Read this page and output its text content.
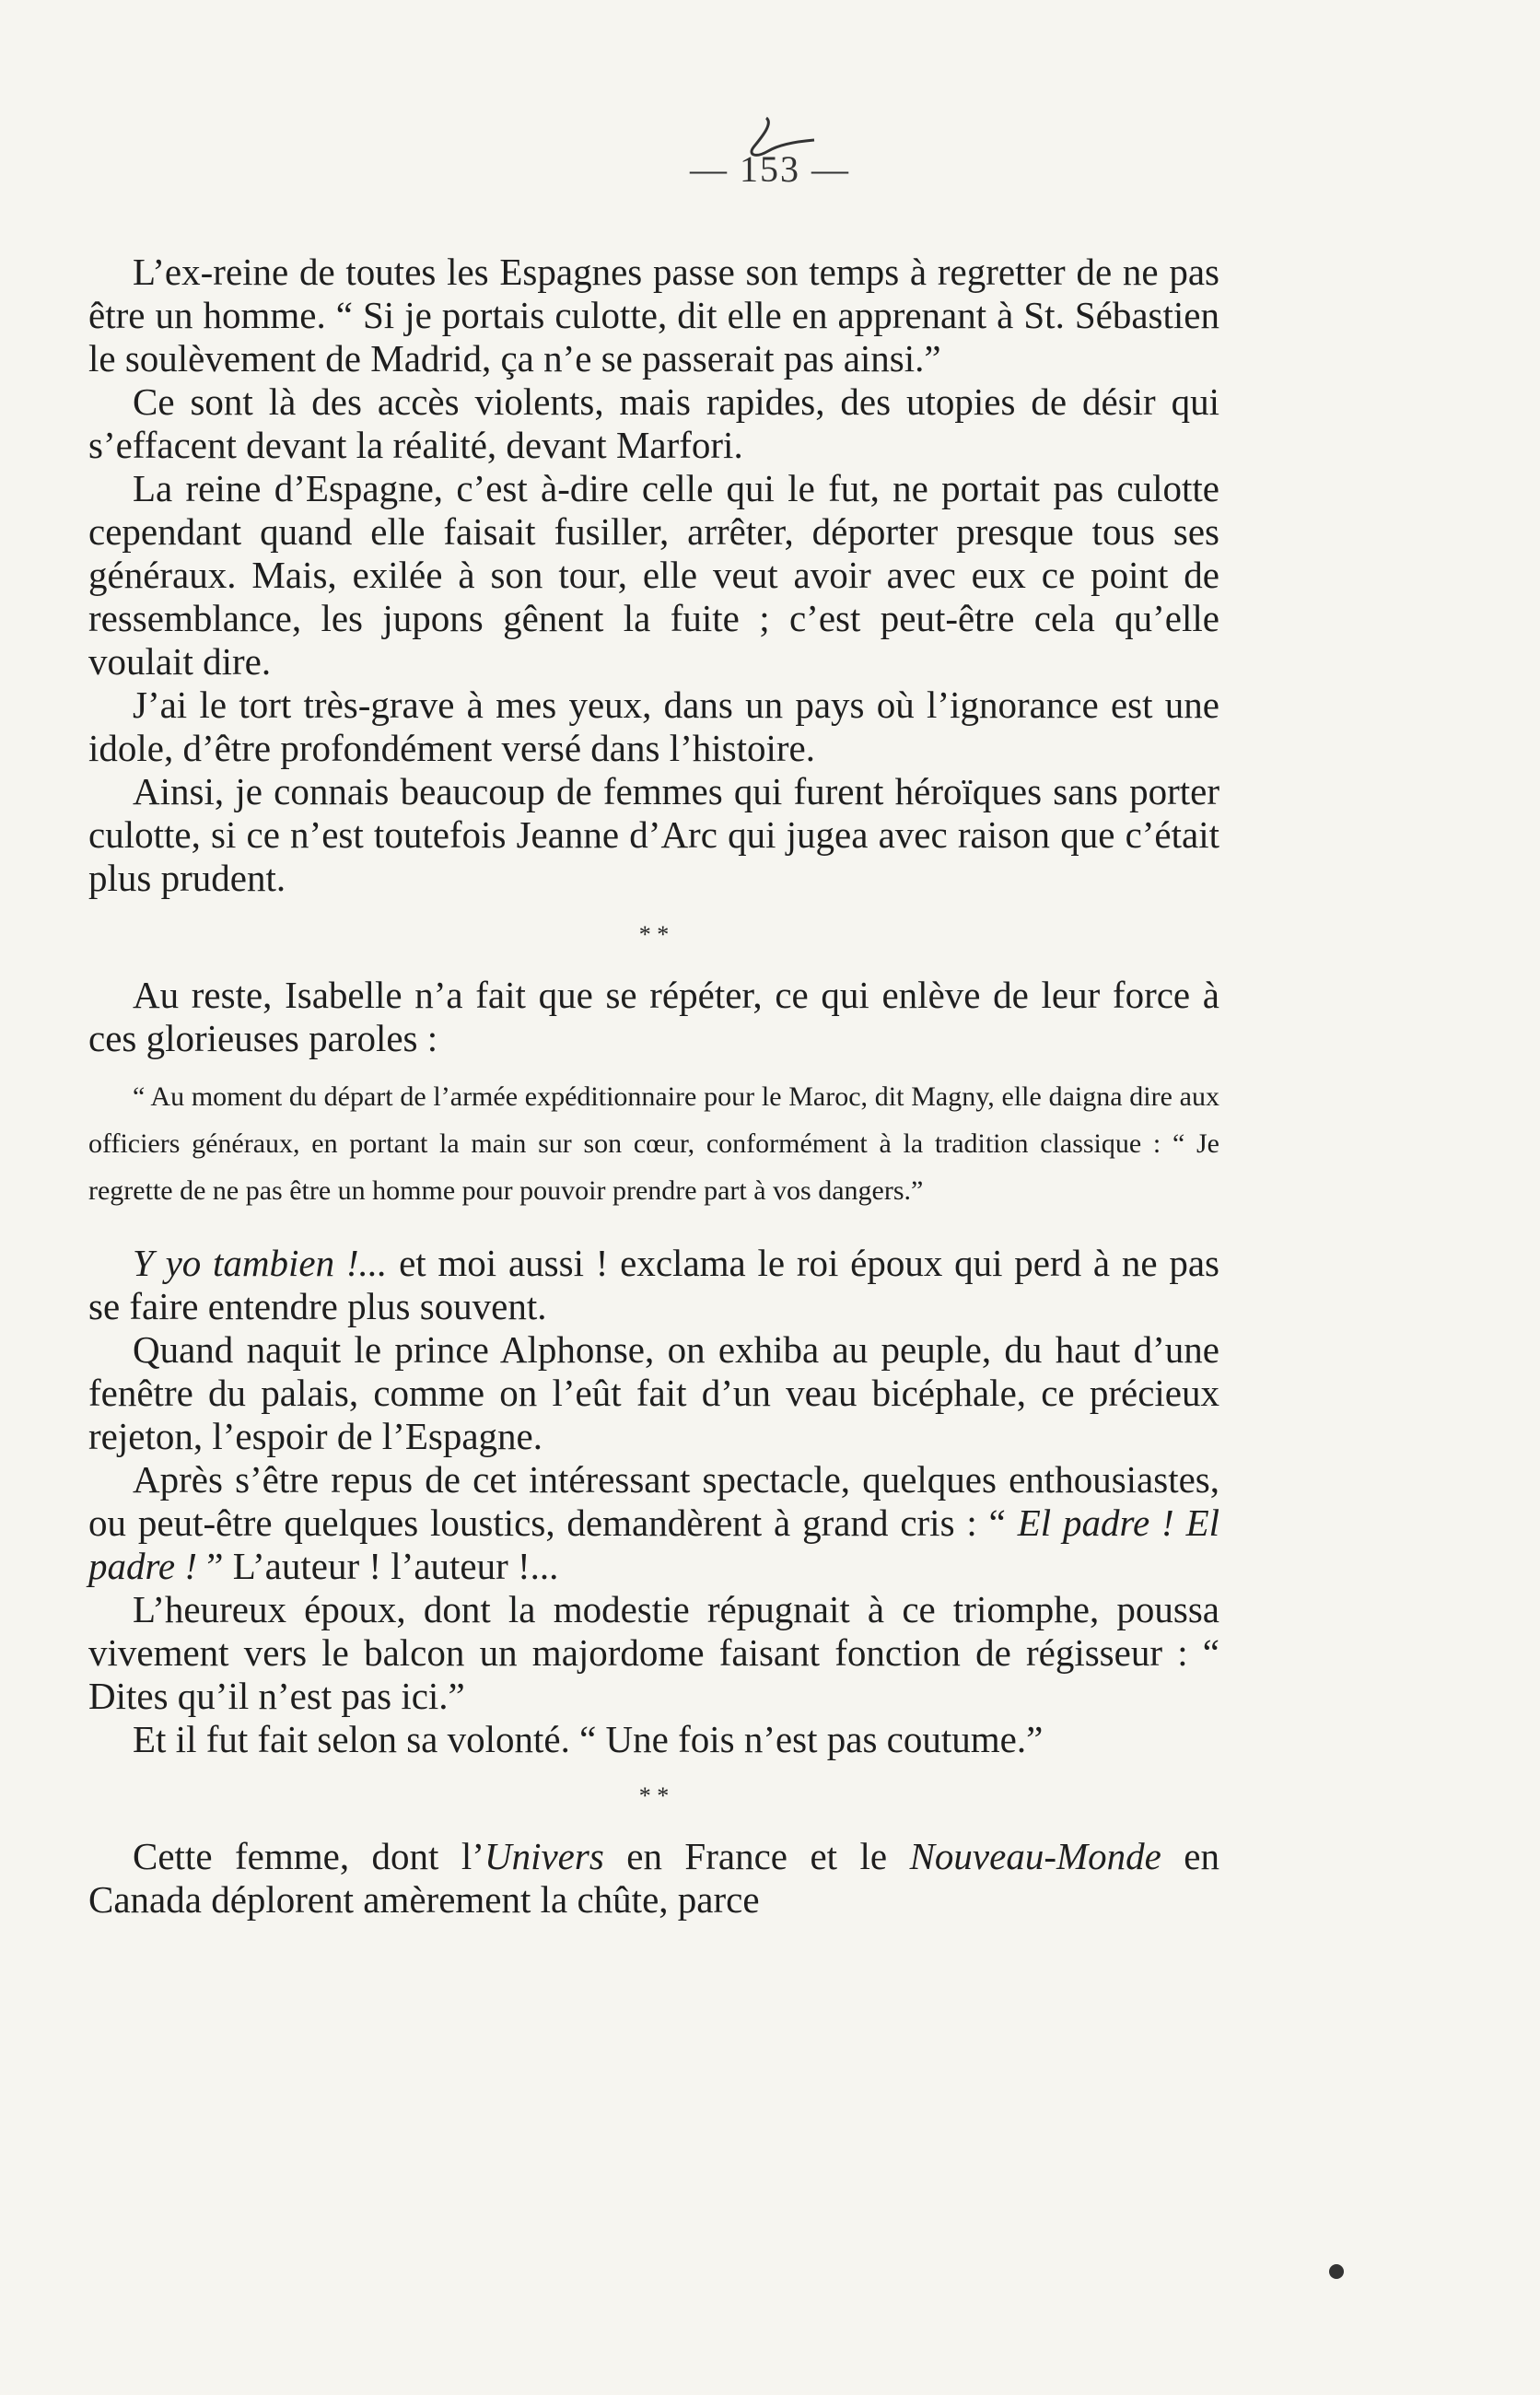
— 153 —

L’ex-reine de toutes les Espagnes passe son temps à regretter de ne pas être un homme. “ Si je portais culotte, dit elle en apprenant à St. Sébastien le soulèvement de Madrid, ça n’e se passerait pas ainsi.”

Ce sont là des accès violents, mais rapides, des utopies de désir qui s’effacent devant la réalité, devant Marfori.

La reine d’Espagne, c’est à-dire celle qui le fut, ne portait pas culotte cependant quand elle faisait fusiller, arrêter, déporter presque tous ses généraux. Mais, exilée à son tour, elle veut avoir avec eux ce point de ressemblance, les jupons gênent la fuite ; c’est peut-être cela qu’elle voulait dire.

J’ai le tort très-grave à mes yeux, dans un pays où l’ignorance est une idole, d’être profondément versé dans l’histoire.

Ainsi, je connais beaucoup de femmes qui furent héroïques sans porter culotte, si ce n’est toutefois Jeanne d’Arc qui jugea avec raison que c’était plus prudent.

* *

Au reste, Isabelle n’a fait que se répéter, ce qui enlève de leur force à ces glorieuses paroles :

“ Au moment du départ de l’armée expéditionnaire pour le Maroc, dit Magny, elle daigna dire aux officiers généraux, en portant la main sur son cœur, conformément à la tradition classique : “ Je regrette de ne pas être un homme pour pouvoir prendre part à vos dangers.”

Y yo tambien !... et moi aussi ! exclama le roi époux qui perd à ne pas se faire entendre plus souvent.

Quand naquit le prince Alphonse, on exhiba au peuple, du haut d’une fenêtre du palais, comme on l’eût fait d’un veau bicéphale, ce précieux rejeton, l’espoir de l’Espagne.

Après s’être repus de cet intéressant spectacle, quelques enthousiastes, ou peut-être quelques loustics, demandèrent à grand cris : “ El padre ! El padre ! ” L’auteur ! l’auteur !...

L’heureux époux, dont la modestie répugnait à ce triomphe, poussa vivement vers le balcon un majordome faisant fonction de régisseur : “ Dites qu’il n’est pas ici.”

Et il fut fait selon sa volonté. “ Une fois n’est pas coutume.”

* *

Cette femme, dont l’Univers en France et le Nouveau-Monde en Canada déplorent amèrement la chûte, parce
